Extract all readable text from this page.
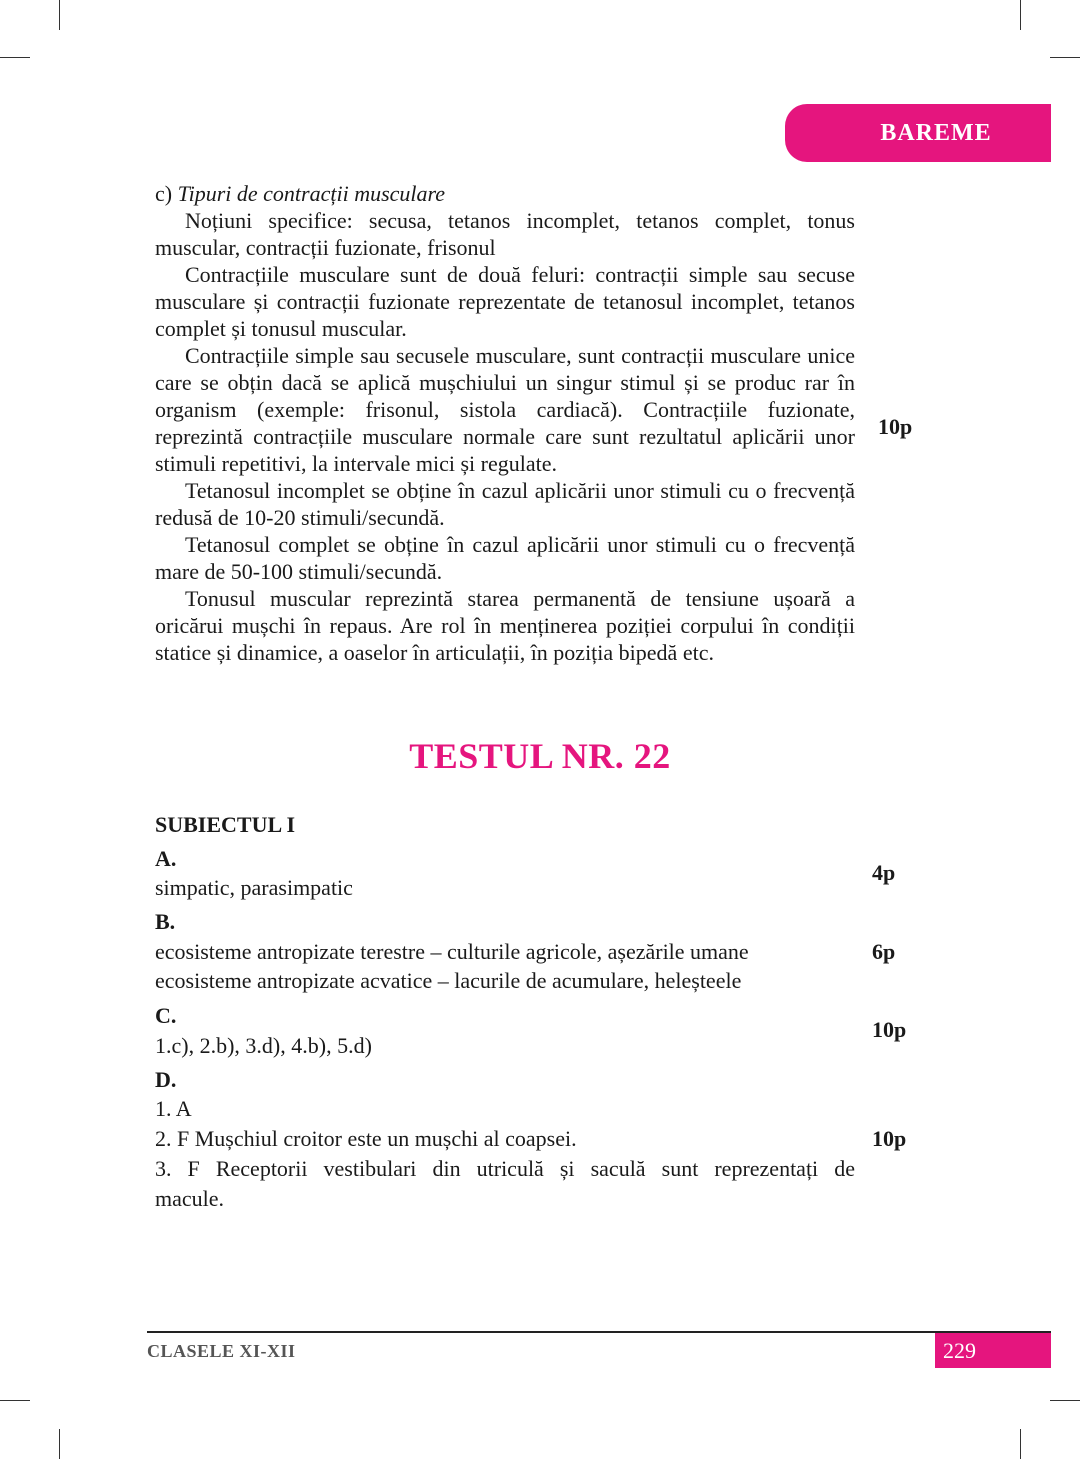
BAREME

c) Tipuri de contracții musculare

Noțiuni specifice: secusa, tetanos incomplet, tetanos complet, tonus muscular, contracții fuzionate, frisonul

Contracțiile musculare sunt de două feluri: contracții simple sau secuse musculare și contracții fuzionate reprezentate de tetanosul incomplet, tetanos complet și tonusul muscular.

Contracțiile simple sau secusele musculare, sunt contracții musculare unice care se obțin dacă se aplică mușchiului un singur stimul și se produc rar în organism (exemple: frisonul, sistola cardiacă). Contracțiile fuzionate, reprezintă contracțiile musculare normale care sunt rezultatul aplicării unor stimuli repetitivi, la intervale mici și regulate.

Tetanosul incomplet se obține în cazul aplicării unor stimuli cu o frecvență redusă de 10-20 stimuli/secundă.

Tetanosul complet se obține în cazul aplicării unor stimuli cu o frecvență mare de 50-100 stimuli/secundă.

Tonusul muscular reprezintă starea permanentă de tensiune ușoară a oricărui mușchi în repaus. Are rol în menținerea poziției corpului în condiții statice și dinamice, a oaselor în articulații, în poziția bipedă etc.

10p
TESTUL NR. 22
SUBIECTUL I
A.
simpatic, parasimpatic
4p
B.
ecosisteme antropizate terestre – culturile agricole, așezările umane
ecosisteme antropizate acvatice – lacurile de acumulare, heleșteele
6p
C.
1.c), 2.b), 3.d), 4.b), 5.d)
10p
D.
1. A
2. F Mușchiul croitor este un mușchi al coapsei.
3. F Receptorii vestibulari din utriculă și saculă sunt reprezentați de
macule.
10p
CLASELE XI-XII	229
